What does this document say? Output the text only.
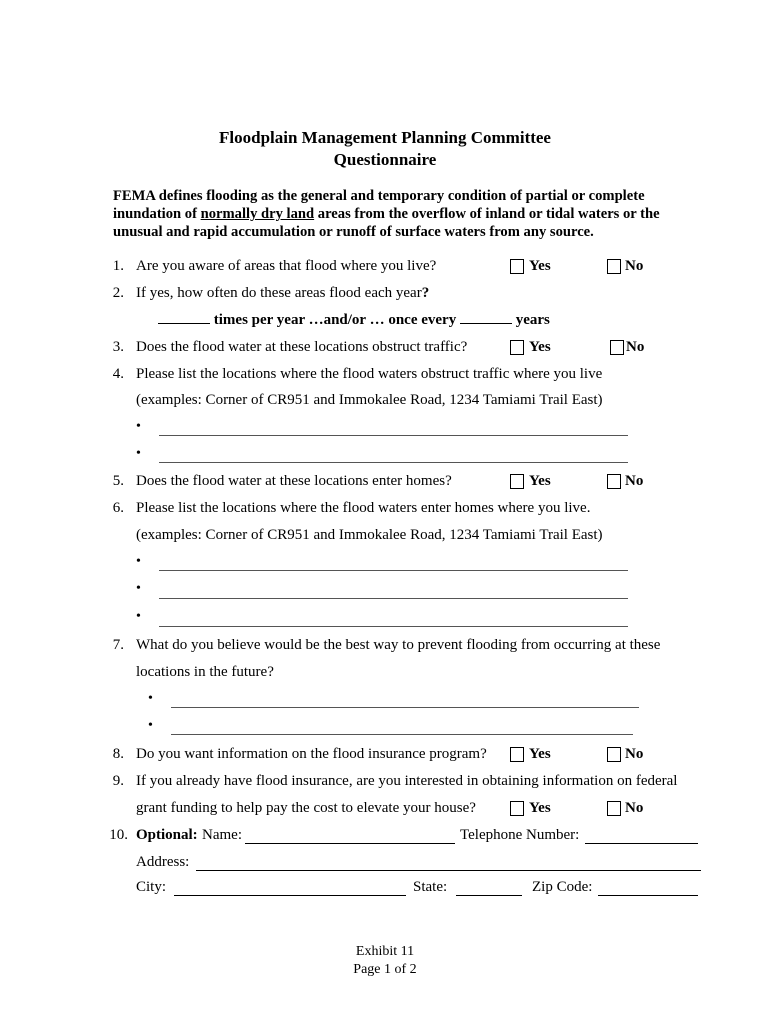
Floodplain Management Planning Committee
Questionnaire
FEMA defines flooding as the general and temporary condition of partial or complete inundation of normally dry land areas from the overflow of inland or tidal waters or the unusual and rapid accumulation or runoff of surface waters from any source.
1. Are you aware of areas that flood where you live?	Yes	No
2. If yes, how often do these areas flood each year?
times per year …and/or … once every	years
3. Does the flood water at these locations obstruct traffic?	Yes	No
4. Please list the locations where the flood waters obstruct traffic where you live
(examples: Corner of CR951 and Immokalee Road, 1234 Tamiami Trail East)
•
•
5. Does the flood water at these locations enter homes?	Yes	No
6. Please list the locations where the flood waters enter homes where you live.
(examples: Corner of CR951 and Immokalee Road, 1234 Tamiami Trail East)
•
•
•
7. What do you believe would be the best way to prevent flooding from occurring at these
locations in the future?
•
•
8. Do you want information on the flood insurance program?	Yes	No
9. If you already have flood insurance, are you interested in obtaining information on federal
grant funding to help pay the cost to elevate your house?	Yes	No
10. Optional: Name:	Telephone Number:
Address:
City:	State:	Zip Code:
Exhibit 11
Page 1 of 2
